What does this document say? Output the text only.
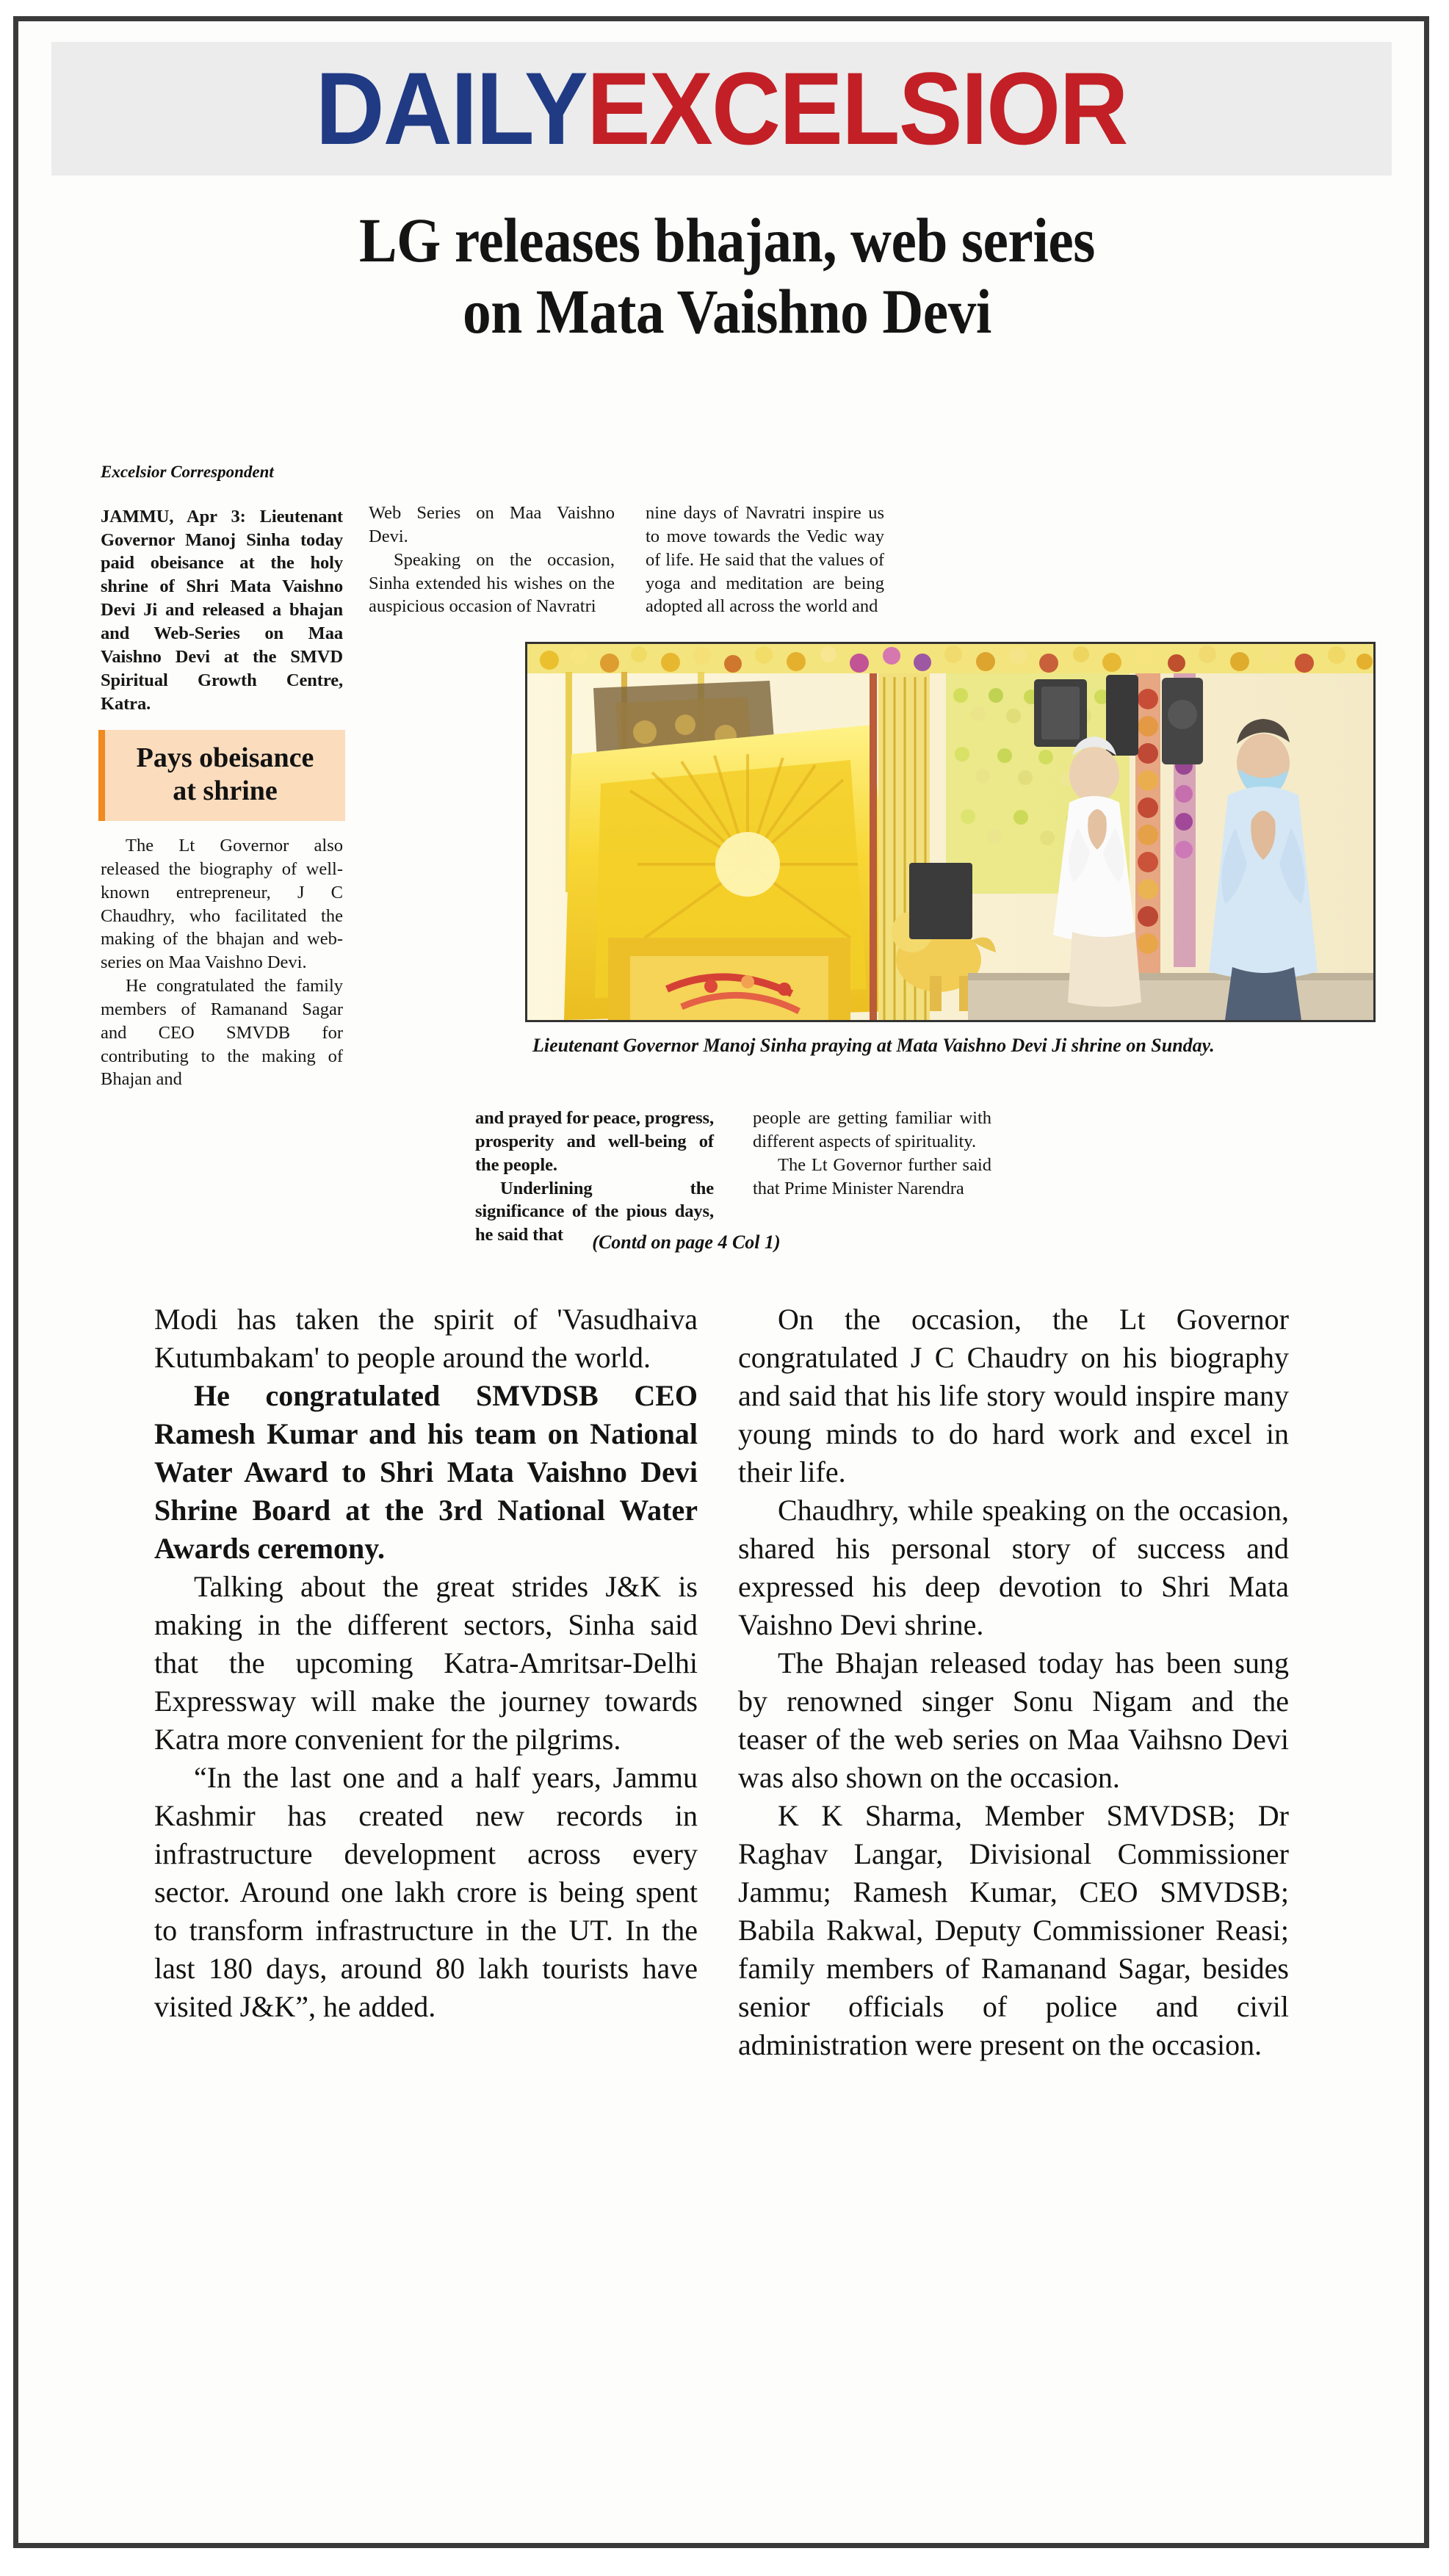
DAILYEXCELSIOR
LG releases bhajan, web series
on Mata Vaishno Devi
Excelsior Correspondent

JAMMU, Apr 3: Lieutenant Governor Manoj Sinha today paid obeisance at the holy shrine of Shri Mata Vaishno Devi Ji and released a bhajan and Web-Series on Maa Vaishno Devi at the SMVD Spiritual Growth Centre, Katra.

Pays obeisance
at shrine

The Lt Governor also released the biography of well-known entrepreneur, J C Chaudhry, who facilitated the making of the bhajan and web-series on Maa Vaishno Devi.

He congratulated the family members of Ramanand Sagar and CEO SMVDB for contributing to the making of Bhajan and

Web Series on Maa Vaishno Devi.

Speaking on the occasion, Sinha extended his wishes on the auspicious occasion of Navratri

nine days of Navratri inspire us to move towards the Vedic way of life. He said that the values of yoga and meditation are being adopted all across the world and

Lieutenant Governor Manoj Sinha praying at Mata Vaishno Devi Ji shrine on Sunday.

and prayed for peace, progress, prosperity and well-being of the people.

Underlining the significance of the pious days, he said that

people are getting familiar with different aspects of spirituality.

The Lt Governor further said that Prime Minister Narendra

(Contd on page 4 Col 1)

Modi has taken the spirit of 'Vasudhaiva Kutumbakam' to people around the world.

He congratulated SMVDSB CEO Ramesh Kumar and his team on National Water Award to Shri Mata Vaishno Devi Shrine Board at the 3rd National Water Awards ceremony.

Talking about the great strides J&K is making in the different sectors, Sinha said that the upcoming Katra-Amritsar-Delhi Expressway will make the journey towards Katra more convenient for the pilgrims.

“In the last one and a half years, Jammu Kashmir has created new records in infrastructure development across every sector. Around one lakh crore is being spent to transform infrastructure in the UT. In the last 180 days, around 80 lakh tourists have visited J&K”, he added.

On the occasion, the Lt Governor congratulated J C Chaudry on his biography and said that his life story would inspire many young minds to do hard work and excel in their life.

Chaudhry, while speaking on the occasion, shared his personal story of success and expressed his deep devotion to Shri Mata Vaishno Devi shrine.

The Bhajan released today has been sung by renowned singer Sonu Nigam and the teaser of the web series on Maa Vaihsno Devi was also shown on the occasion.

K K Sharma, Member SMVDSB; Dr Raghav Langar, Divisional Commissioner Jammu; Ramesh Kumar, CEO SMVDSB; Babila Rakwal, Deputy Commissioner Reasi; family members of Ramanand Sagar, besides senior officials of police and civil administration were present on the occasion.
